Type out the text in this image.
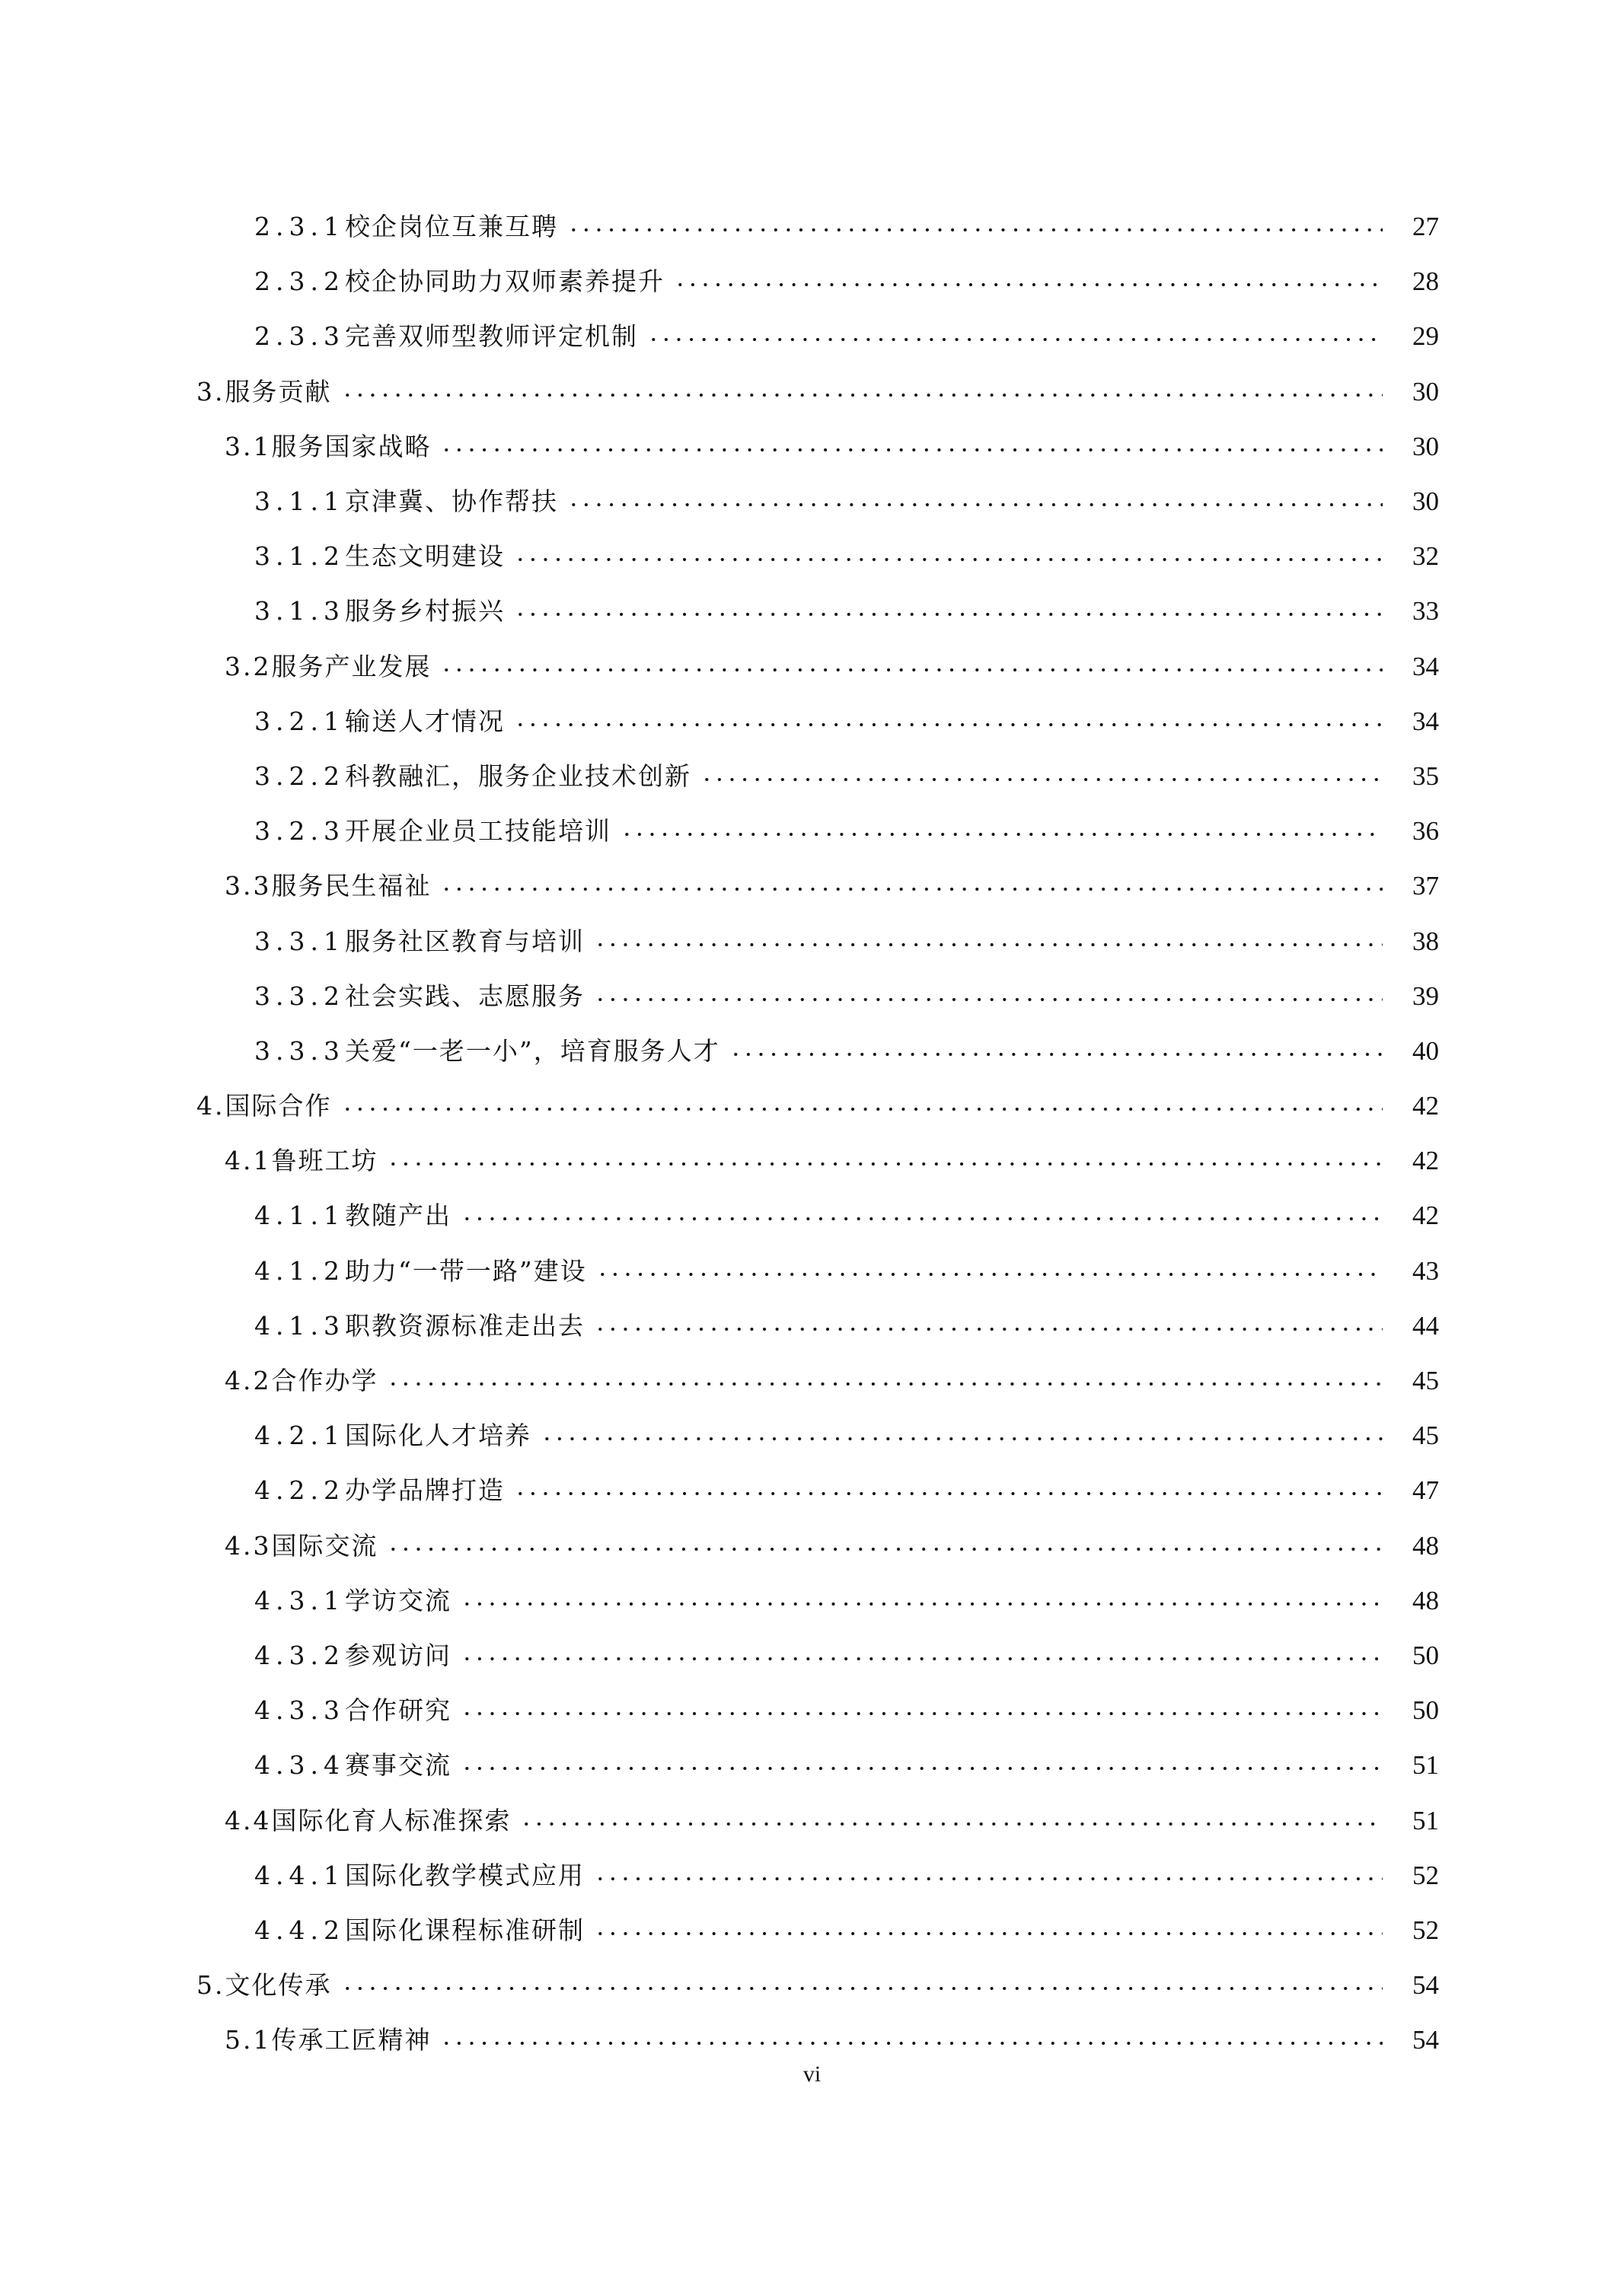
2.3.1 校企岗位互兼互聘	27
2.3.2 校企协同助力双师素养提升	28
2.3.3 完善双师型教师评定机制	29
3. 服务贡献	30
3.1 服务国家战略	30
3.1.1 京津冀、协作帮扶	30
3.1.2 生态文明建设	32
3.1.3 服务乡村振兴	33
3.2 服务产业发展	34
3.2.1 输送人才情况	34
3.2.2 科教融汇，服务企业技术创新	35
3.2.3 开展企业员工技能培训	36
3.3 服务民生福祉	37
3.3.1 服务社区教育与培训	38
3.3.2 社会实践、志愿服务	39
3.3.3 关爱“一老一小”，培育服务人才	40
4. 国际合作	42
4.1 鲁班工坊	42
4.1.1 教随产出	42
4.1.2 助力“一带一路”建设	43
4.1.3 职教资源标准走出去	44
4.2 合作办学	45
4.2.1 国际化人才培养	45
4.2.2 办学品牌打造	47
4.3 国际交流	48
4.3.1 学访交流	48
4.3.2 参观访问	50
4.3.3 合作研究	50
4.3.4 赛事交流	51
4.4 国际化育人标准探索	51
4.4.1 国际化教学模式应用	52
4.4.2 国际化课程标准研制	52
5. 文化传承	54
5.1 传承工匠精神	54
vi
